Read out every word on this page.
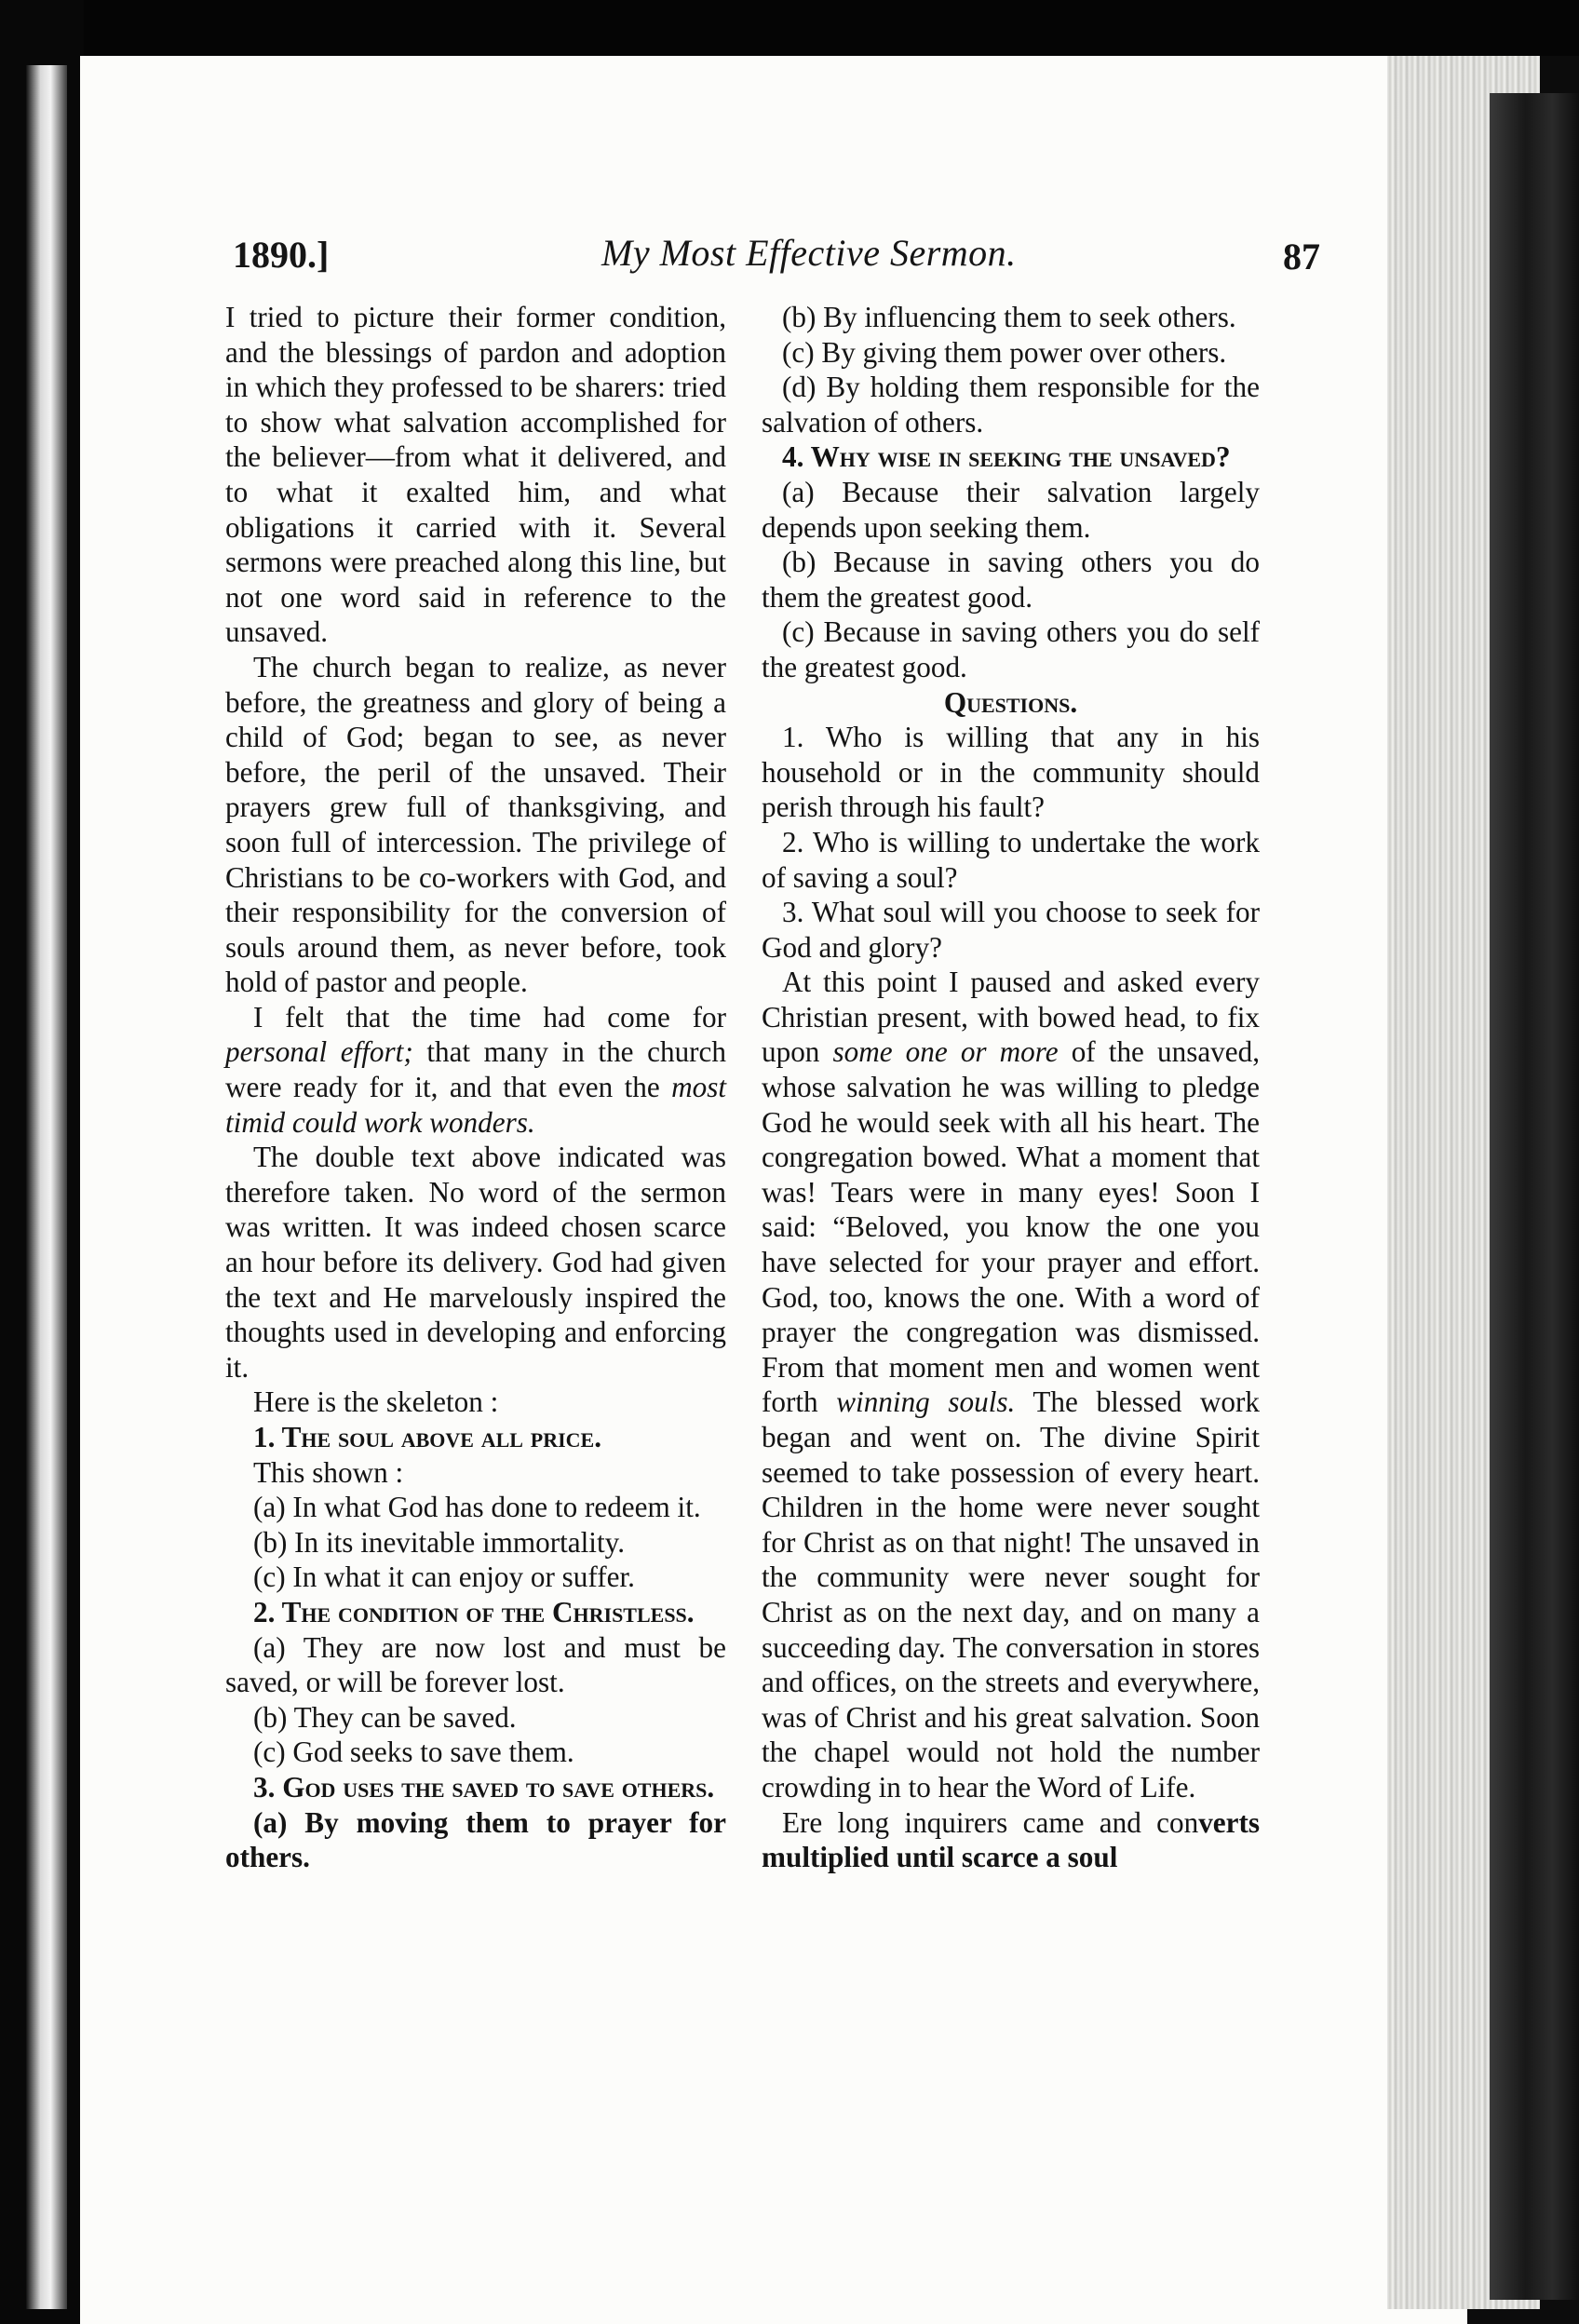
1890.]	My Most Effective Sermon.	87

I tried to picture their former condition, and the blessings of pardon and adoption in which they professed to be sharers: tried to show what salvation accomplished for the believer—from what it delivered, and to what it exalted him, and what obligations it carried with it. Several sermons were preached along this line, but not one word said in reference to the unsaved.

The church began to realize, as never before, the greatness and glory of being a child of God; began to see, as never before, the peril of the unsaved. Their prayers grew full of thanksgiving, and soon full of intercession. The privilege of Christians to be co-workers with God, and their responsibility for the conversion of souls around them, as never before, took hold of pastor and people.

I felt that the time had come for personal effort; that many in the church were ready for it, and that even the most timid could work wonders.

The double text above indicated was therefore taken. No word of the sermon was written. It was indeed chosen scarce an hour before its delivery. God had given the text and He marvelously inspired the thoughts used in developing and enforcing it.

Here is the skeleton :

1. The soul above all price.

This shown :

(a) In what God has done to redeem it.

(b) In its inevitable immortality.

(c) In what it can enjoy or suffer.

2. The condition of the Christless.

(a) They are now lost and must be saved, or will be forever lost.

(b) They can be saved.

(c) God seeks to save them.

3. God uses the saved to save others.

(a) By moving them to prayer for others.

(b) By influencing them to seek others.

(c) By giving them power over others.

(d) By holding them responsible for the salvation of others.

4. Why wise in seeking the unsaved?

(a) Because their salvation largely depends upon seeking them.

(b) Because in saving others you do them the greatest good.

(c) Because in saving others you do self the greatest good.

Questions.

1. Who is willing that any in his household or in the community should perish through his fault?

2. Who is willing to undertake the work of saving a soul?

3. What soul will you choose to seek for God and glory?

At this point I paused and asked every Christian present, with bowed head, to fix upon some one or more of the unsaved, whose salvation he was willing to pledge God he would seek with all his heart. The congregation bowed. What a moment that was! Tears were in many eyes! Soon I said: “Beloved, you know the one you have selected for your prayer and effort. God, too, knows the one. With a word of prayer the congregation was dismissed. From that moment men and women went forth winning souls. The blessed work began and went on. The divine Spirit seemed to take possession of every heart. Children in the home were never sought for Christ as on that night! The unsaved in the community were never sought for Christ as on the next day, and on many a succeeding day. The conversation in stores and offices, on the streets and everywhere, was of Christ and his great salvation. Soon the chapel would not hold the number crowding in to hear the Word of Life.

Ere long inquirers came and converts multiplied until scarce a soul
